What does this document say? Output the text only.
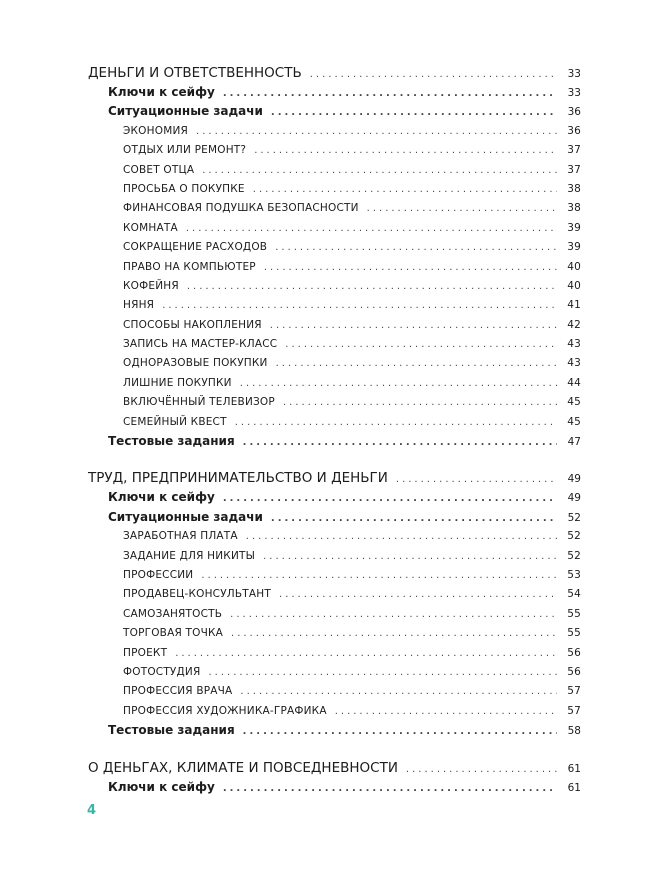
ДЕНЬГИ И ОТВЕТСТВЕННОСТЬ .....	33
Ключи к сейфу .....	33
Ситуационные задачи .....	36
ЭКОНОМИЯ .....	36
ОТДЫХ ИЛИ РЕМОНТ? .....	37
СОВЕТ ОТЦА .....	37
ПРОСЬБА О ПОКУПКЕ .....	38
ФИНАНСОВАЯ ПОДУШКА БЕЗОПАСНОСТИ .....	38
КОМНАТА .....	39
СОКРАЩЕНИЕ РАСХОДОВ .....	39
ПРАВО НА КОМПЬЮТЕР .....	40
КОФЕЙНЯ .....	40
НЯНЯ .....	41
СПОСОБЫ НАКОПЛЕНИЯ .....	42
ЗАПИСЬ НА МАСТЕР-КЛАСС .....	43
ОДНОРАЗОВЫЕ ПОКУПКИ .....	43
ЛИШНИЕ ПОКУПКИ .....	44
ВКЛЮЧЁННЫЙ ТЕЛЕВИЗОР .....	45
СЕМЕЙНЫЙ КВЕСТ .....	45
Тестовые задания .....	47
ТРУД, ПРЕДПРИНИМАТЕЛЬСТВО И ДЕНЬГИ .....	49
Ключи к сейфу .....	49
Ситуационные задачи .....	52
ЗАРАБОТНАЯ ПЛАТА .....	52
ЗАДАНИЕ ДЛЯ НИКИТЫ .....	52
ПРОФЕССИИ .....	53
ПРОДАВЕЦ-КОНСУЛЬТАНТ .....	54
САМОЗАНЯТОСТЬ .....	55
ТОРГОВАЯ ТОЧКА .....	55
ПРОЕКТ .....	56
ФОТОСТУДИЯ .....	56
ПРОФЕССИЯ ВРАЧА .....	57
ПРОФЕССИЯ ХУДОЖНИКА-ГРАФИКА .....	57
Тестовые задания .....	58
О ДЕНЬГАХ, КЛИМАТЕ И ПОВСЕДНЕВНОСТИ .....	61
Ключи к сейфу .....	61
4
